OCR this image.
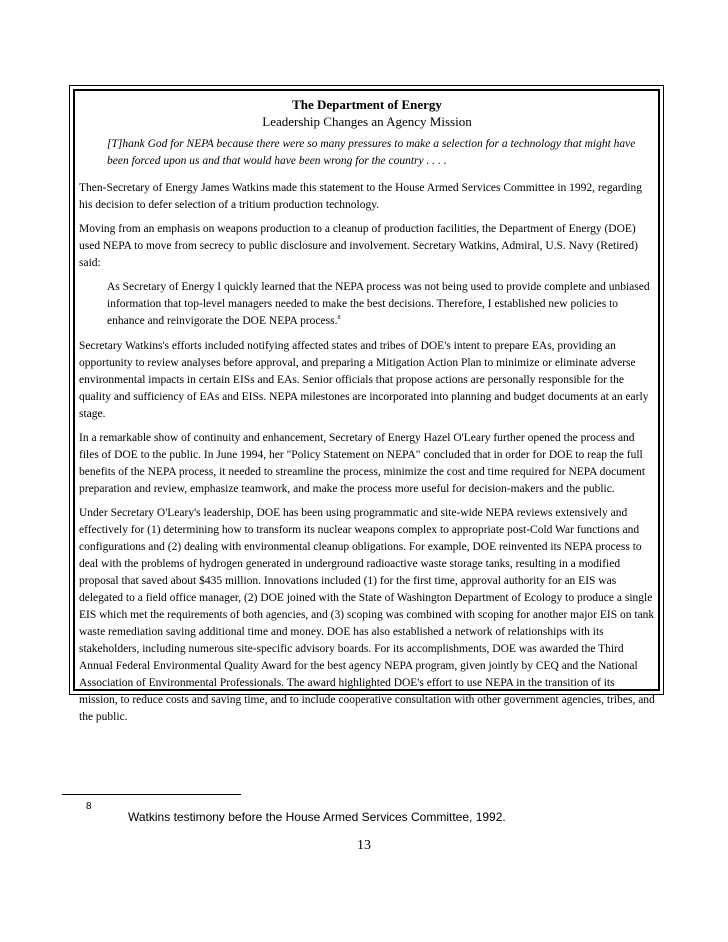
The Department of Energy

Leadership Changes an Agency Mission

[T]hank God for NEPA because there were so many pressures to make a selection for a technology that might have been forced upon us and that would have been wrong for the country . . . .

Then-Secretary of Energy James Watkins made this statement to the House Armed Services Committee in 1992, regarding his decision to defer selection of a tritium production technology.

Moving from an emphasis on weapons production to a cleanup of production facilities, the Department of Energy (DOE) used NEPA to move from secrecy to public disclosure and involvement. Secretary Watkins, Admiral, U.S. Navy (Retired) said:

As Secretary of Energy I quickly learned that the NEPA process was not being used to provide complete and unbiased information that top-level managers needed to make the best decisions. Therefore, I established new policies to enhance and reinvigorate the DOE NEPA process.$^8$

Secretary Watkins's efforts included notifying affected states and tribes of DOE's intent to prepare EAs, providing an opportunity to review analyses before approval, and preparing a Mitigation Action Plan to minimize or eliminate adverse environmental impacts in certain EISs and EAs. Senior officials that propose actions are personally responsible for the quality and sufficiency of EAs and EISs. NEPA milestones are incorporated into planning and budget documents at an early stage.

In a remarkable show of continuity and enhancement, Secretary of Energy Hazel O'Leary further opened the process and files of DOE to the public. In June 1994, her "Policy Statement on NEPA" concluded that in order for DOE to reap the full benefits of the NEPA process, it needed to streamline the process, minimize the cost and time required for NEPA document preparation and review, emphasize teamwork, and make the process more useful for decision-makers and the public.

Under Secretary O'Leary's leadership, DOE has been using programmatic and site-wide NEPA reviews extensively and effectively for (1) determining how to transform its nuclear weapons complex to appropriate post-Cold War functions and configurations and (2) dealing with environmental cleanup obligations. For example, DOE reinvented its NEPA process to deal with the problems of hydrogen generated in underground radioactive waste storage tanks, resulting in a modified proposal that saved about $435 million. Innovations included (1) for the first time, approval authority for an EIS was delegated to a field office manager, (2) DOE joined with the State of Washington Department of Ecology to produce a single EIS which met the requirements of both agencies, and (3) scoping was combined with scoping for another major EIS on tank waste remediation saving additional time and money. DOE has also established a network of relationships with its stakeholders, including numerous site-specific advisory boards. For its accomplishments, DOE was awarded the Third Annual Federal Environmental Quality Award for the best agency NEPA program, given jointly by CEQ and the National Association of Environmental Professionals. The award highlighted DOE's effort to use NEPA in the transition of its mission, to reduce costs and saving time, and to include cooperative consultation with other government agencies, tribes, and the public.

8
Watkins testimony before the House Armed Services Committee, 1992.
13
